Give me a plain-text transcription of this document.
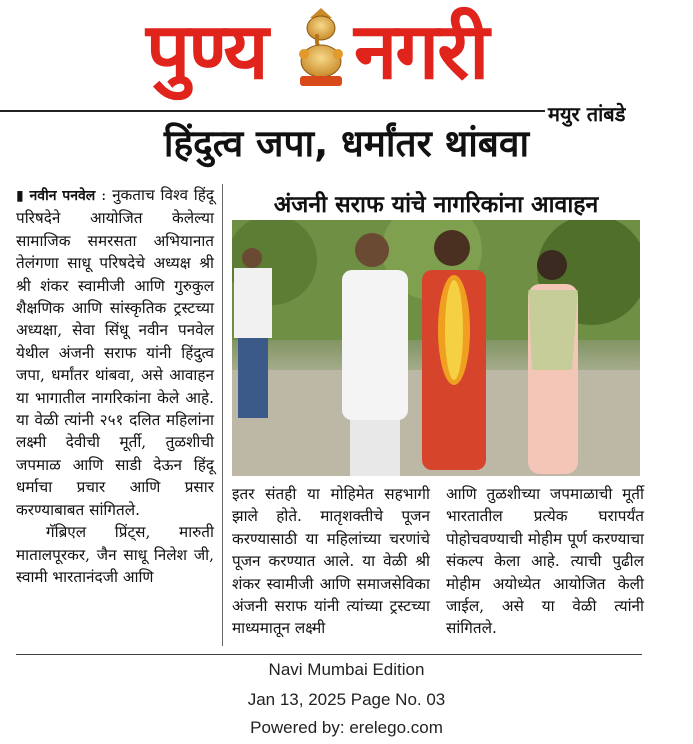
पुण्य नगरी
मयुर तांबडे
हिंदुत्व जपा, धर्मांतर थांबवा
▮ नवीन पनवेल : नुकताच विश्व हिंदू परिषदेने आयोजित केलेल्या सामाजिक समरसता अभियानात तेलंगणा साधू परिषदेचे अध्यक्ष श्री श्री शंकर स्वामीजी आणि गुरुकुल शैक्षणिक आणि सांस्कृतिक ट्रस्टच्या अध्यक्षा, सेवा सिंधू नवीन पनवेल येथील अंजनी सराफ यांनी हिंदुत्व जपा, धर्मांतर थांबवा, असे आवाहन या भागातील नागरिकांना केले आहे. या वेळी त्यांनी २५१ दलित महिलांना लक्ष्मी देवीची मूर्ती, तुळशीची जपमाळ आणि साडी देऊन हिंदू धर्माचा प्रचार आणि प्रसार करण्याबाबत सांगितले.
गॅब्रिएल प्रिंट्स, मारुती मातालपूरकर, जैन साधू निलेश जी, स्वामी भारतानंदजी आणि
अंजनी सराफ यांचे नागरिकांना आवाहन
इतर संतही या मोहिमेत सहभागी झाले होते. मातृशक्तीचे पूजन करण्यासाठी या महिलांच्या चरणांचे पूजन करण्यात आले. या वेळी श्री शंकर स्वामीजी आणि समाजसेविका अंजनी सराफ यांनी त्यांच्या ट्रस्टच्या माध्यमातून लक्ष्मी
आणि तुळशीच्या जपमाळाची मूर्ती भारतातील प्रत्येक घरापर्यंत पोहोचवण्याची मोहीम पूर्ण करण्याचा संकल्प केला आहे. त्याची पुढील मोहीम अयोध्येत आयोजित केली जाईल, असे या वेळी त्यांनी सांगितले.
Navi Mumbai Edition
Jan 13, 2025 Page No. 03
Powered by: erelego.com
